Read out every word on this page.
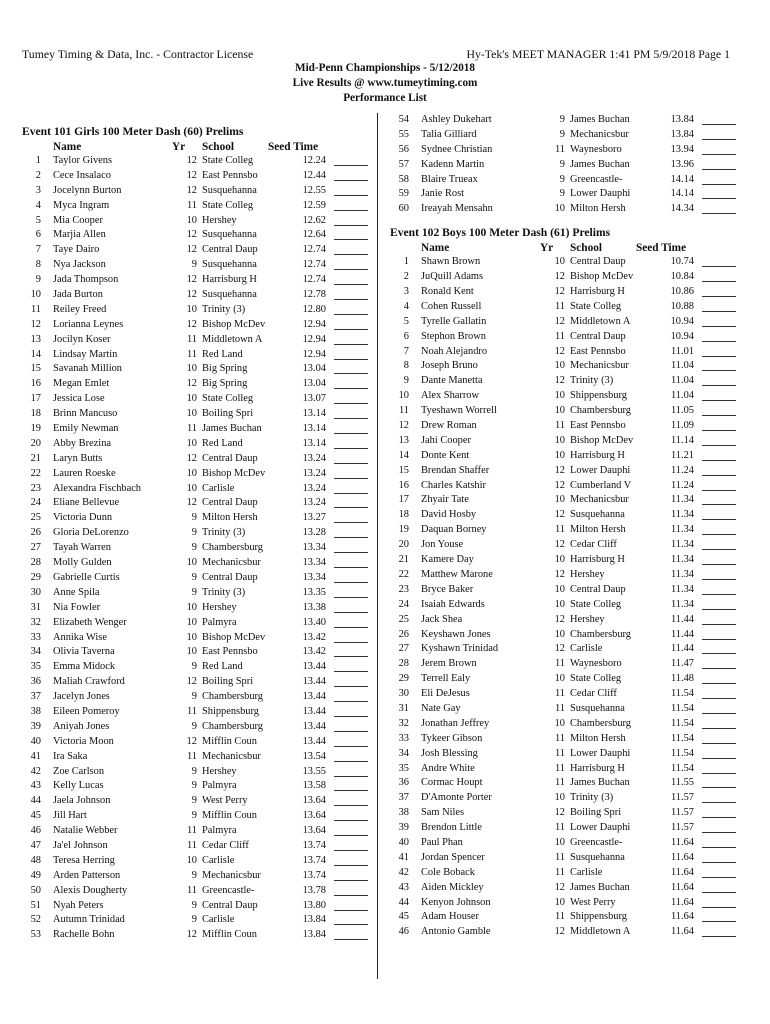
Tumey Timing & Data, Inc. - Contractor License	Hy-Tek's MEET MANAGER 1:41 PM 5/9/2018 Page 1
Mid-Penn Championships - 5/12/2018
Live Results @ www.tumeytiming.com
Performance List
Event 101 Girls 100 Meter Dash (60) Prelims
Name	Yr School	Seed Time
1 Taylor Givens	12 State Colleg	12.24
2 Cece Insalaco	12 East Pennsbo	12.44
3 Jocelynn Burton	12 Susquehanna	12.55
4 Myca Ingram	11 State Colleg	12.59
5 Mia Cooper	10 Hershey	12.62
6 Marjia Allen	12 Susquehanna	12.64
7 Taye Dairo	12 Central Daup	12.74
8 Nya Jackson	9 Susquehanna	12.74
9 Jada Thompson	12 Harrisburg H	12.74
10 Jada Burton	12 Susquehanna	12.78
11 Reiley Freed	10 Trinity (3)	12.80
12 Lorianna Leynes	12 Bishop McDev	12.94
13 Jocilyn Koser	11 Middletown A	12.94
14 Lindsay Martin	11 Red Land	12.94
15 Savanah Million	10 Big Spring	13.04
16 Megan Emlet	12 Big Spring	13.04
17 Jessica Lose	10 State Colleg	13.07
18 Brinn Mancuso	10 Boiling Spri	13.14
19 Emily Newman	11 James Buchan	13.14
20 Abby Brezina	10 Red Land	13.14
21 Laryn Butts	12 Central Daup	13.24
22 Lauren Roeske	10 Bishop McDev	13.24
23 Alexandra Fischbach	10 Carlisle	13.24
24 Eliane Bellevue	12 Central Daup	13.24
25 Victoria Dunn	9 Milton Hersh	13.27
26 Gloria DeLorenzo	9 Trinity (3)	13.28
27 Tayah Warren	9 Chambersburg	13.34
28 Molly Gulden	10 Mechanicsbur	13.34
29 Gabrielle Curtis	9 Central Daup	13.34
30 Anne Spila	9 Trinity (3)	13.35
31 Nia Fowler	10 Hershey	13.38
32 Elizabeth Wenger	10 Palmyra	13.40
33 Annika Wise	10 Bishop McDev	13.42
34 Olivia Taverna	10 East Pennsbo	13.42
35 Emma Midock	9 Red Land	13.44
36 Maliah Crawford	12 Boiling Spri	13.44
37 Jacelyn Jones	9 Chambersburg	13.44
38 Eileen Pomeroy	11 Shippensburg	13.44
39 Aniyah Jones	9 Chambersburg	13.44
40 Victoria Moon	12 Mifflin Coun	13.44
41 Ira Saka	11 Mechanicsbur	13.54
42 Zoe Carlson	9 Hershey	13.55
43 Kelly Lucas	9 Palmyra	13.58
44 Jaela Johnson	9 West Perry	13.64
45 Jill Hart	9 Mifflin Coun	13.64
46 Natalie Webber	11 Palmyra	13.64
47 Ja'el Johnson	11 Cedar Cliff	13.74
48 Teresa Herring	10 Carlisle	13.74
49 Arden Patterson	9 Mechanicsbur	13.74
50 Alexis Dougherty	11 Greencastle-	13.78
51 Nyah Peters	9 Central Daup	13.80
52 Autumn Trinidad	9 Carlisle	13.84
53 Rachelle Bohn	12 Mifflin Coun	13.84
54 Ashley Dukehart	9 James Buchan	13.84
55 Talia Gilliard	9 Mechanicsbur	13.84
56 Sydnee Christian	11 Waynesboro	13.94
57 Kadenn Martin	9 James Buchan	13.96
58 Blaire Trueax	9 Greencastle-	14.14
59 Janie Rost	9 Lower Dauphi	14.14
60 Ireayah Mensahn	10 Milton Hersh	14.34
Event 102 Boys 100 Meter Dash (61) Prelims
Name	Yr School	Seed Time
1 Shawn Brown	10 Central Daup	10.74
2 JuQuill Adams	12 Bishop McDev	10.84
3 Ronald Kent	12 Harrisburg H	10.86
4 Cohen Russell	11 State Colleg	10.88
5 Tyrelle Gallatin	12 Middletown A	10.94
6 Stephon Brown	11 Central Daup	10.94
7 Noah Alejandro	12 East Pennsbo	11.01
8 Joseph Bruno	10 Mechanicsbur	11.04
9 Dante Manetta	12 Trinity (3)	11.04
10 Alex Sharrow	10 Shippensburg	11.04
11 Tyeshawn Worrell	10 Chambersburg	11.05
12 Drew Roman	11 East Pennsbo	11.09
13 Jahi Cooper	10 Bishop McDev	11.14
14 Donte Kent	10 Harrisburg H	11.21
15 Brendan Shaffer	12 Lower Dauphi	11.24
16 Charles Katshir	12 Cumberland V	11.24
17 Zhyair Tate	10 Mechanicsbur	11.34
18 David Hosby	12 Susquehanna	11.34
19 Daquan Borney	11 Milton Hersh	11.34
20 Jon Youse	12 Cedar Cliff	11.34
21 Kamere Day	10 Harrisburg H	11.34
22 Matthew Marone	12 Hershey	11.34
23 Bryce Baker	10 Central Daup	11.34
24 Isaiah Edwards	10 State Colleg	11.34
25 Jack Shea	12 Hershey	11.44
26 Keyshawn Jones	10 Chambersburg	11.44
27 Kyshawn Trinidad	12 Carlisle	11.44
28 Jerem Brown	11 Waynesboro	11.47
29 Terrell Ealy	10 State Colleg	11.48
30 Eli DeJesus	11 Cedar Cliff	11.54
31 Nate Gay	11 Susquehanna	11.54
32 Jonathan Jeffrey	10 Chambersburg	11.54
33 Tykeer Gibson	11 Milton Hersh	11.54
34 Josh Blessing	11 Lower Dauphi	11.54
35 Andre White	11 Harrisburg H	11.54
36 Cormac Houpt	11 James Buchan	11.55
37 D'Amonte Porter	10 Trinity (3)	11.57
38 Sam Niles	12 Boiling Spri	11.57
39 Brendon Little	11 Lower Dauphi	11.57
40 Paul Phan	10 Greencastle-	11.64
41 Jordan Spencer	11 Susquehanna	11.64
42 Cole Boback	11 Carlisle	11.64
43 Aiden Mickley	12 James Buchan	11.64
44 Kenyon Johnson	10 West Perry	11.64
45 Adam Houser	11 Shippensburg	11.64
46 Antonio Gamble	12 Middletown A	11.64
